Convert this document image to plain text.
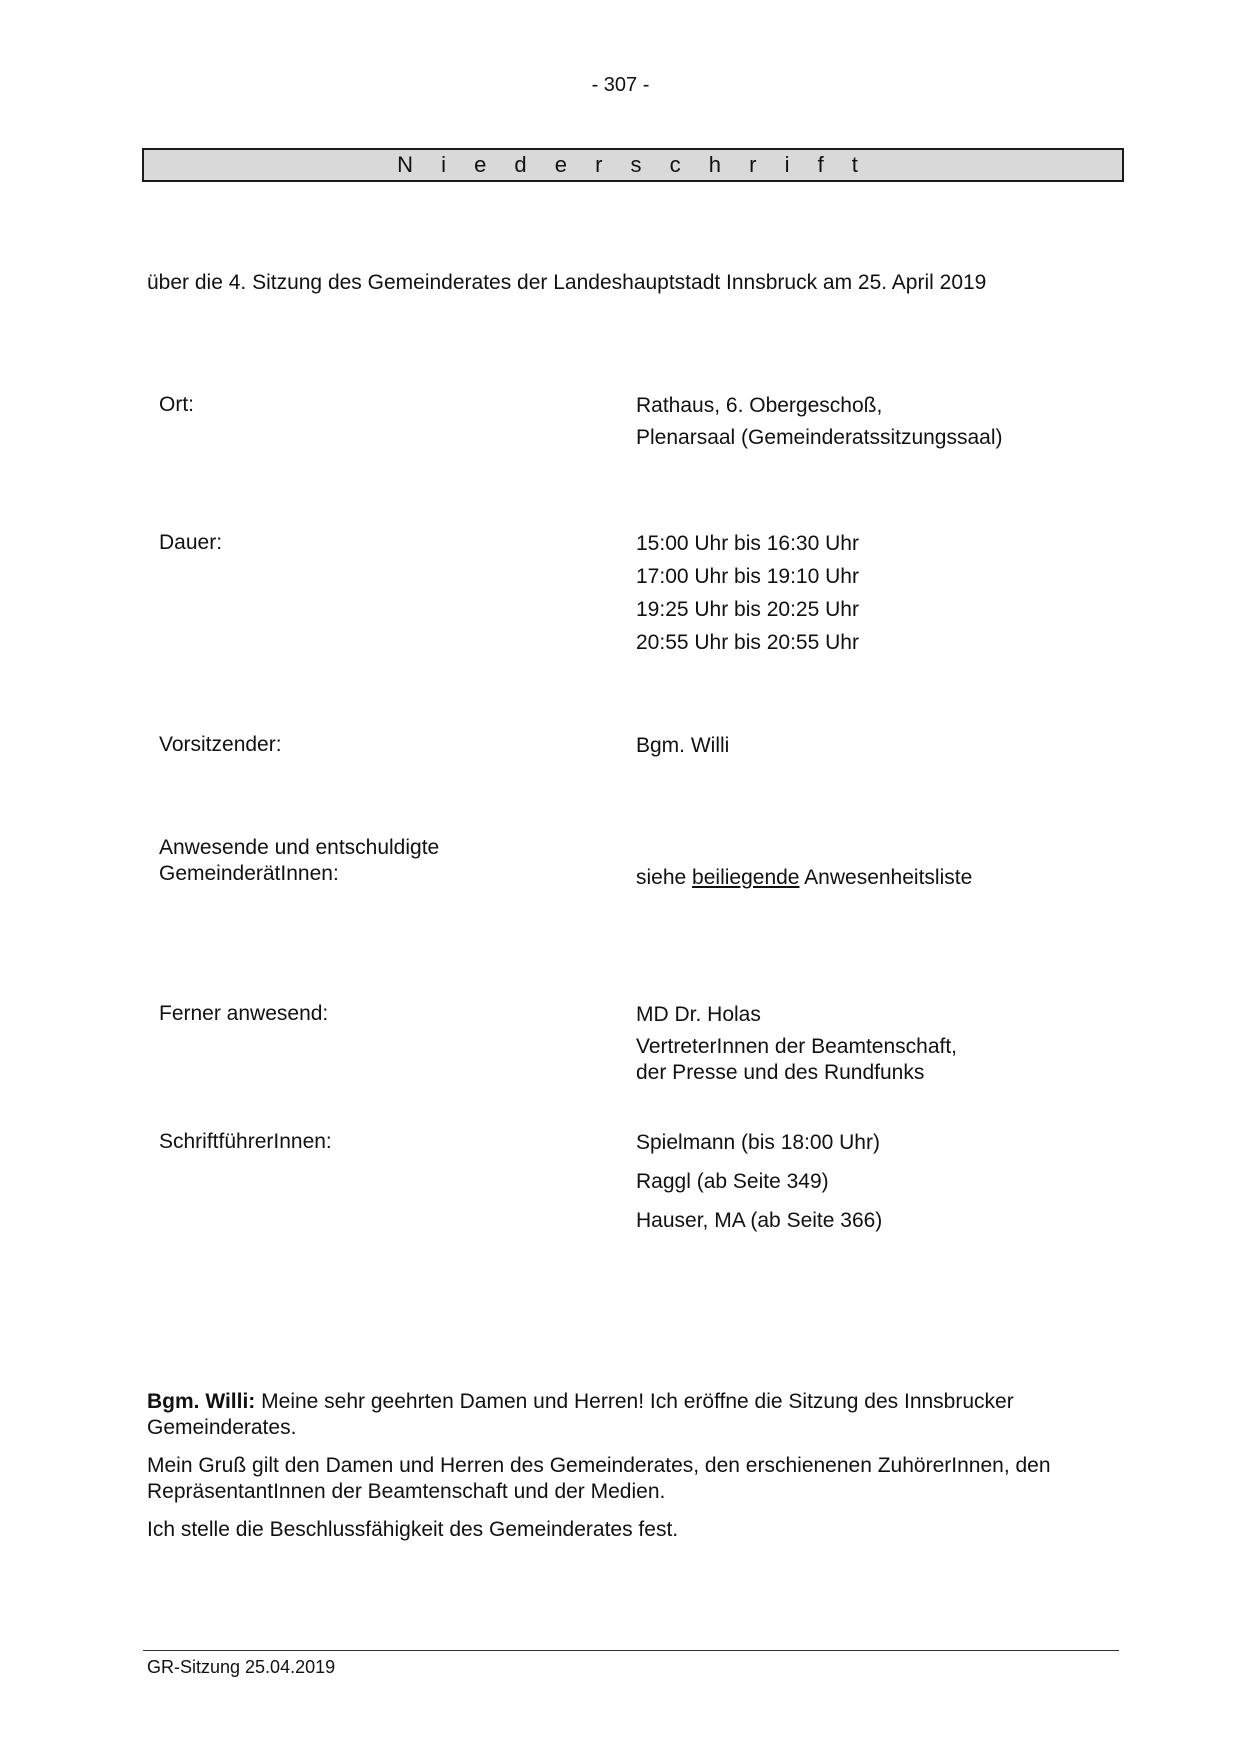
- 307 -
N i e d e r s c h r i f t
über die 4. Sitzung des Gemeinderates der Landeshauptstadt Innsbruck am 25. April 2019
Ort:	Rathaus, 6. Obergeschoß,
Plenarsaal (Gemeinderatssitzungssaal)
Dauer:	15:00 Uhr bis 16:30 Uhr
17:00 Uhr bis 19:10 Uhr
19:25 Uhr bis 20:25 Uhr
20:55 Uhr bis 20:55 Uhr
Vorsitzender:	Bgm. Willi
Anwesende und entschuldigte
GemeinderätInnen:	siehe beiliegende Anwesenheitsliste
Ferner anwesend:	MD Dr. Holas
VertreterInnen der Beamtenschaft,
der Presse und des Rundfunks
SchriftführerInnen:	Spielmann (bis 18:00 Uhr)
Raggl (ab Seite 349)
Hauser, MA (ab Seite 366)
Bgm. Willi: Meine sehr geehrten Damen und Herren! Ich eröffne die Sitzung des Innsbrucker Gemeinderates.
Mein Gruß gilt den Damen und Herren des Gemeinderates, den erschienenen ZuhörerInnen, den RepräsentantInnen der Beamtenschaft und der Medien.
Ich stelle die Beschlussfähigkeit des Gemeinderates fest.
GR-Sitzung 25.04.2019
